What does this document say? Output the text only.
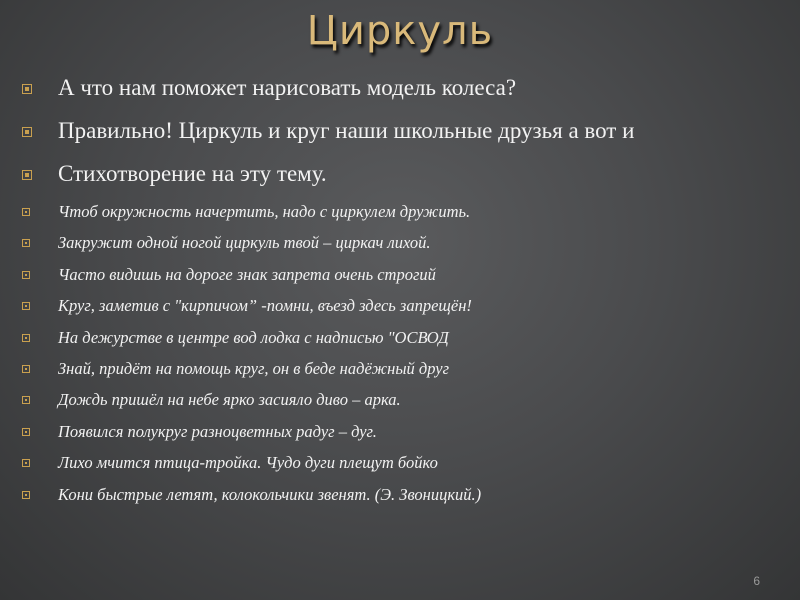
Циркуль
А что нам поможет нарисовать модель колеса?
Правильно! Циркуль и круг наши школьные друзья а вот и
Стихотворение на эту тему.
Чтоб окружность начертить, надо с циркулем дружить.
Закружит одной ногой циркуль твой – циркач лихой.
Часто видишь на дороге знак запрета очень строгий
Круг, заметив с "кирпичом” -помни, въезд здесь запрещён!
На дежурстве в центре вод лодка с надписью "ОСВОД
Знай, придёт на помощь круг, он в беде надёжный друг
Дождь пришёл на небе ярко засияло диво – арка.
Появился полукруг разноцветных радуг – дуг.
Лихо мчится птица-тройка. Чудо дуги плещут бойко
Кони быстрые летят, колокольчики звенят. (Э. Звоницкий.)
6
